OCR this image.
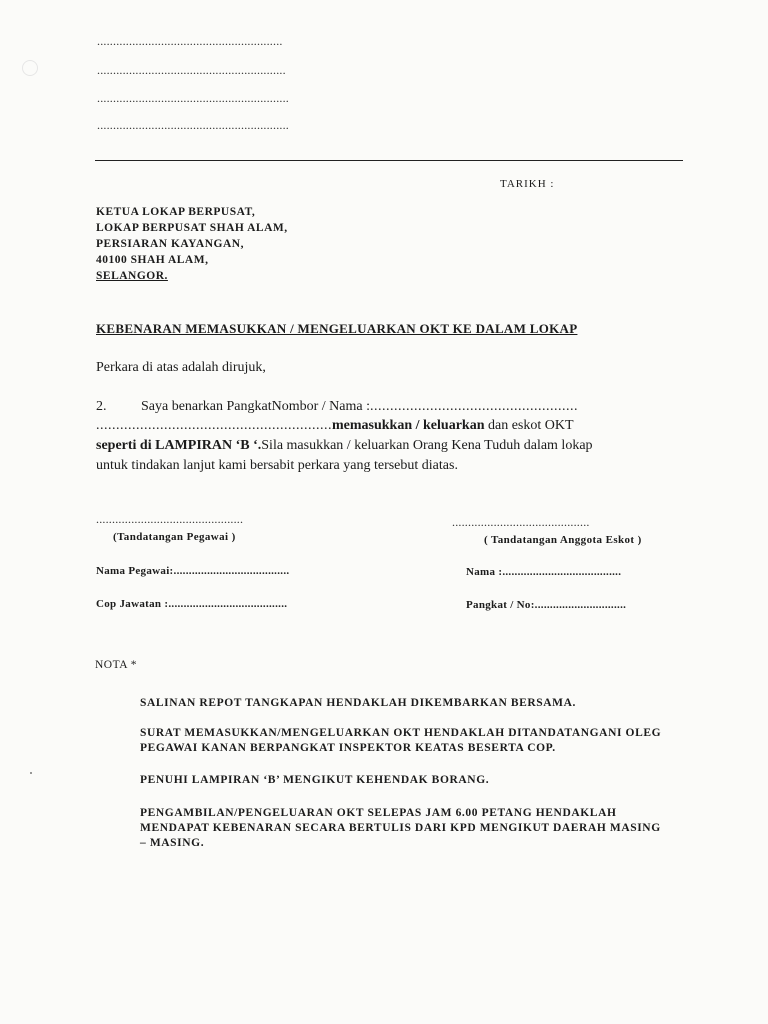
..........................................................
...........................................................
............................................................
............................................................
TARIKH :
KETUA LOKAP BERPUSAT,
LOKAP BERPUSAT SHAH ALAM,
PERSIARAN KAYANGAN,
40100 SHAH ALAM,
SELANGOR.
KEBENARAN MEMASUKKAN / MENGELUARKAN OKT KE DALAM LOKAP
Perkara di atas adalah dirujuk,
2. Saya benarkan PangkatNombor / Nama :....................................................
...........................................................memasukkan / keluarkan dan eskot OKT
seperti di LAMPIRAN ‘B ‘.Sila masukkan / keluarkan Orang Kena Tuduh dalam lokap
untuk tindakan lanjut kami bersabit perkara yang tersebut diatas.
..............................................
(Tandatangan Pegawai )
...........................................
( Tandatangan Anggota Eskot )
Nama Pegawai:......................................
Cop Jawatan :.......................................
Nama :.......................................
Pangkat / No:..............................
NOTA *
SALINAN REPOT TANGKAPAN HENDAKLAH DIKEMBARKAN BERSAMA.
SURAT MEMASUKKAN/MENGELUARKAN OKT HENDAKLAH DITANDATANGANI OLEG PEGAWAI KANAN BERPANGKAT INSPEKTOR KEATAS BESERTA COP.
PENUHI LAMPIRAN ‘B’ MENGIKUT KEHENDAK BORANG.
PENGAMBILAN/PENGELUARAN OKT SELEPAS JAM 6.00 PETANG HENDAKLAH MENDAPAT KEBENARAN SECARA BERTULIS DARI KPD MENGIKUT DAERAH MASING – MASING.
